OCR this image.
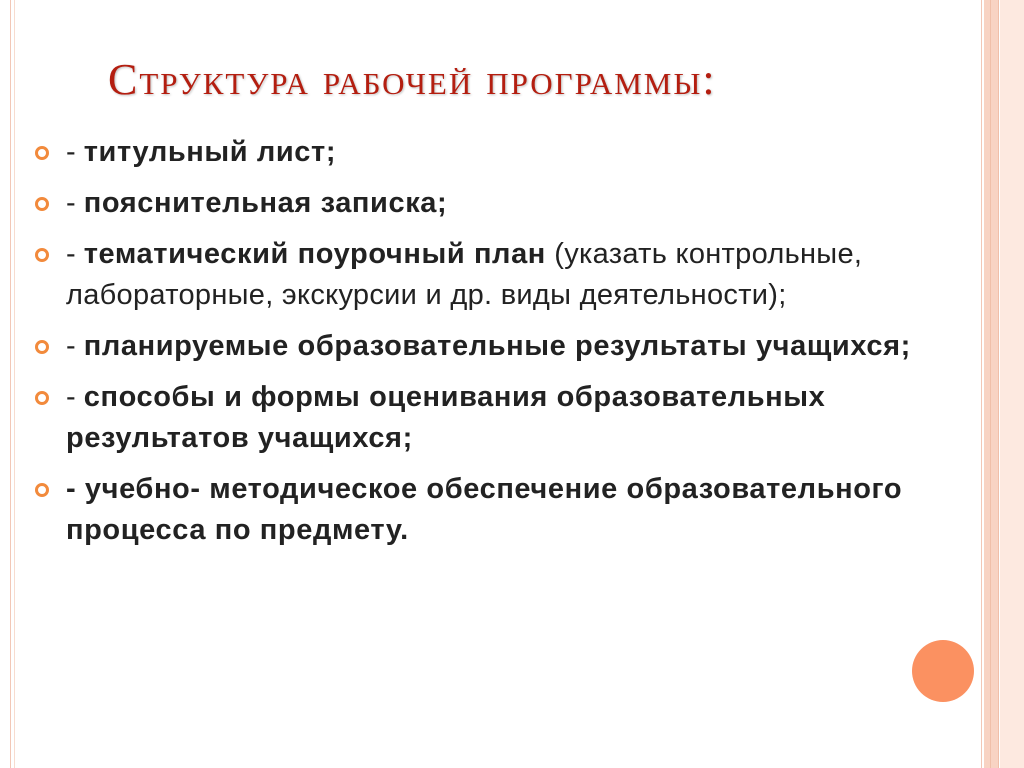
Структура рабочей программы:
- титульный лист;
- пояснительная записка;
- тематический поурочный план (указать контрольные, лабораторные, экскурсии и др. виды деятельности);
- планируемые образовательные результаты учащихся;
- способы и формы оценивания образовательных результатов учащихся;
- учебно- методическое обеспечение образовательного процесса по предмету.
